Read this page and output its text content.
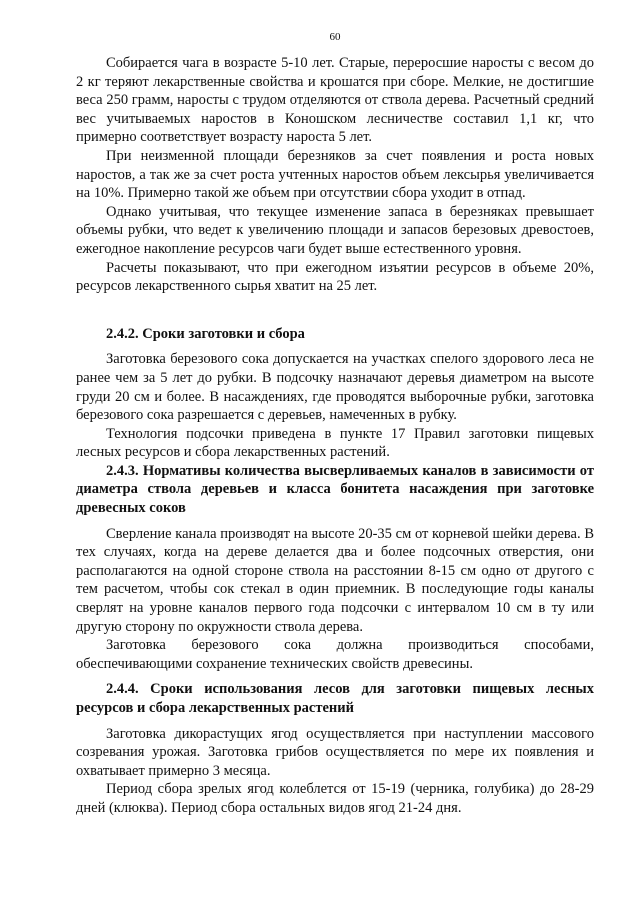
60

Собирается чага в возрасте 5-10 лет. Старые, переросшие наросты с весом до 2 кг теряют лекарственные свойства и крошатся при сборе. Мелкие, не достигшие веса 250 грамм, наросты с трудом отделяются от ствола дерева. Расчетный средний вес учитываемых наростов в Коношском лесничестве составил 1,1 кг, что примерно соответствует возрасту нароста 5 лет.

При неизменной площади березняков за счет появления и роста новых наростов, а так же за счет роста учтенных наростов объем лексырья увеличивается на 10%. Примерно такой же объем при отсутствии сбора уходит в отпад.

Однако учитывая, что текущее изменение запаса в березняках превышает объемы рубки, что ведет к увеличению площади и запасов березовых древостоев, ежегодное накопление ресурсов чаги будет выше естественного уровня.

Расчеты показывают, что при ежегодном изъятии ресурсов в объеме 20%, ресурсов лекарственного сырья хватит на 25 лет.

2.4.2. Сроки заготовки и сбора

Заготовка березового сока допускается на участках спелого здорового леса не ранее чем за 5 лет до рубки. В подсочку назначают деревья диаметром на высоте груди 20 см и более. В насаждениях, где проводятся выборочные рубки, заготовка березового сока разрешается с деревьев, намеченных в рубку.

Технология подсочки приведена в пункте 17 Правил заготовки пищевых лесных ресурсов и сбора лекарственных растений.

2.4.3. Нормативы количества высверливаемых каналов в зависимости от диаметра ствола деревьев и класса бонитета насаждения при заготовке древесных соков

Сверление канала производят на высоте 20-35 см от корневой шейки дерева. В тех случаях, когда на дереве делается два и более подсочных отверстия, они располагаются на одной стороне ствола на расстоянии 8-15 см одно от другого с тем расчетом, чтобы сок стекал в один приемник. В последующие годы каналы сверлят на уровне каналов первого года подсочки с интервалом 10 см в ту или другую сторону по окружности ствола дерева.

Заготовка березового сока должна производиться способами, обеспечивающими сохранение технических свойств древесины.

2.4.4. Сроки использования лесов для заготовки пищевых лесных ресурсов и сбора лекарственных растений

Заготовка дикорастущих ягод осуществляется при наступлении массового созревания урожая. Заготовка грибов осуществляется по мере их появления и охватывает примерно 3 месяца.

Период сбора зрелых ягод колеблется от 15-19 (черника, голубика) до 28-29 дней (клюква). Период сбора остальных видов ягод 21-24 дня.
